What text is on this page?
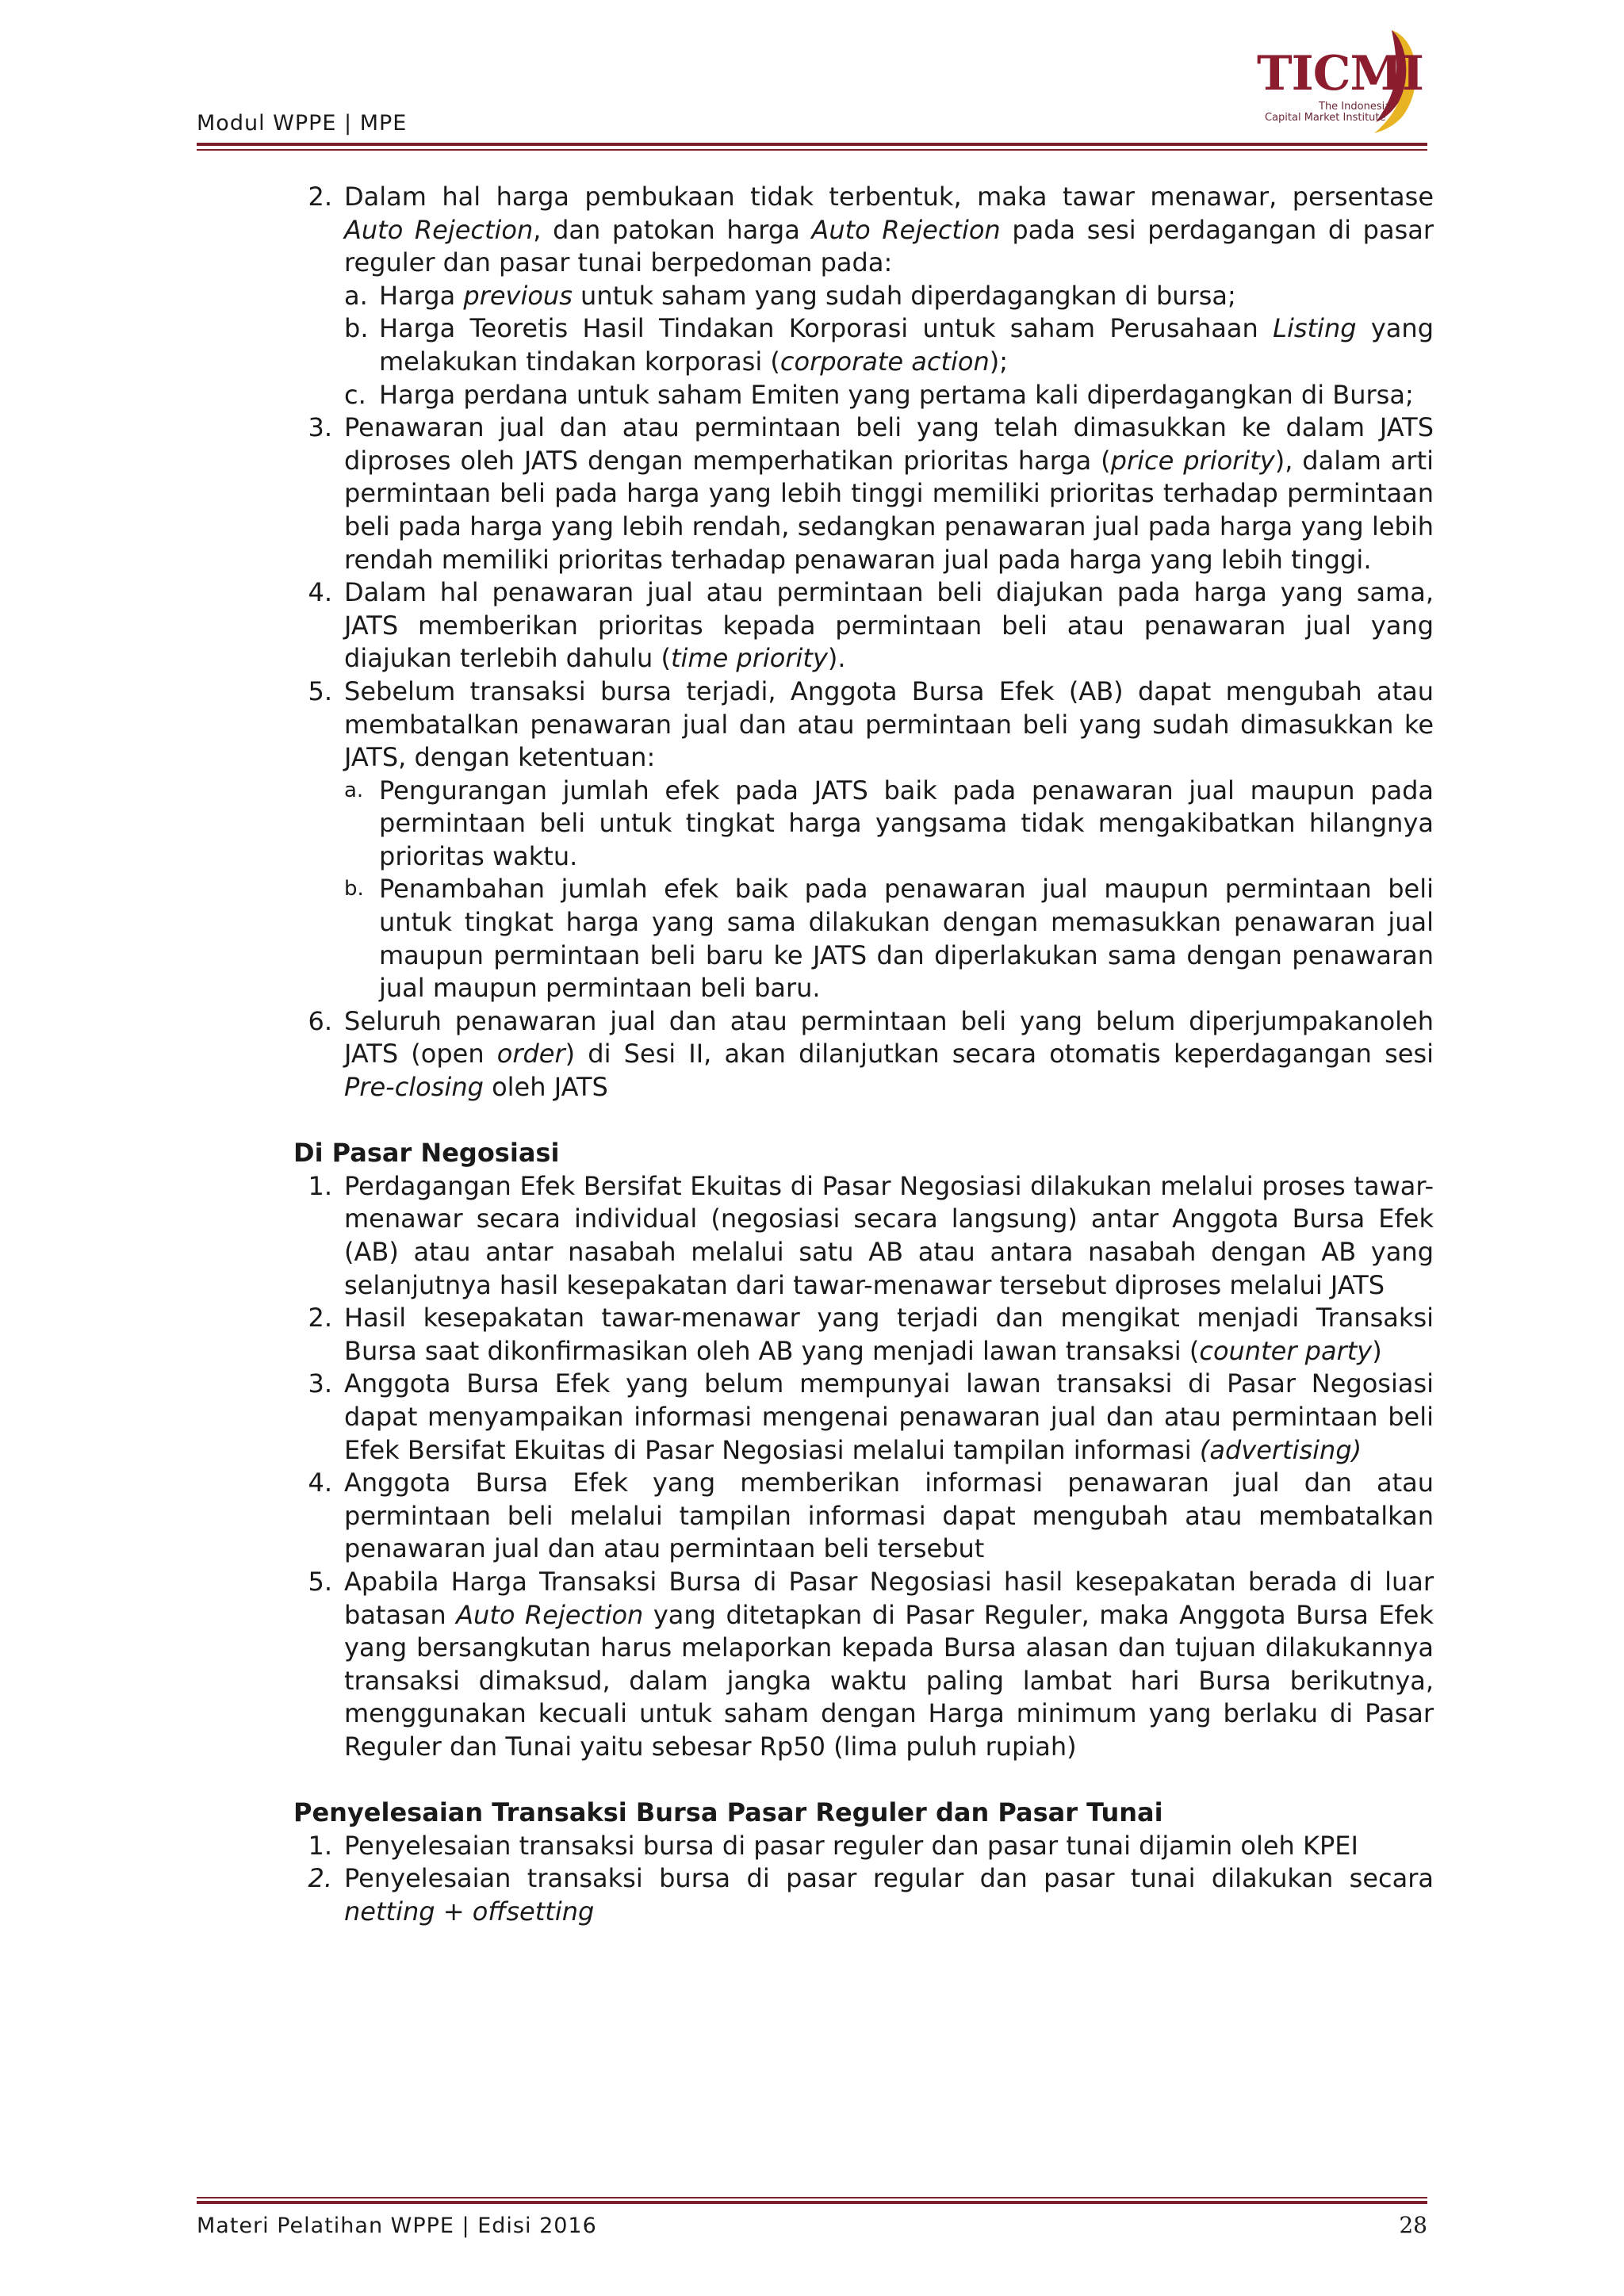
Modul WPPE | MPE
TICMI
The Indonesia
Capital Market Institute
2. Dalam hal harga pembukaan tidak terbentuk, maka tawar menawar, persentase Auto Rejection, dan patokan harga Auto Rejection pada sesi perdagangan di pasar reguler dan pasar tunai berpedoman pada:
a. Harga previous untuk saham yang sudah diperdagangkan di bursa;
b. Harga Teoretis Hasil Tindakan Korporasi untuk saham Perusahaan Listing yang melakukan tindakan korporasi (corporate action);
c. Harga perdana untuk saham Emiten yang pertama kali diperdagangkan di Bursa;
3. Penawaran jual dan atau permintaan beli yang telah dimasukkan ke dalam JATS diproses oleh JATS dengan memperhatikan prioritas harga (price priority), dalam arti permintaan beli pada harga yang lebih tinggi memiliki prioritas terhadap permintaan beli pada harga yang lebih rendah, sedangkan penawaran jual pada harga yang lebih rendah memiliki prioritas terhadap penawaran jual pada harga yang lebih tinggi.
4. Dalam hal penawaran jual atau permintaan beli diajukan pada harga yang sama, JATS memberikan prioritas kepada permintaan beli atau penawaran jual yang diajukan terlebih dahulu (time priority).
5. Sebelum transaksi bursa terjadi, Anggota Bursa Efek (AB) dapat mengubah atau membatalkan penawaran jual dan atau permintaan beli yang sudah dimasukkan ke JATS, dengan ketentuan:
a. Pengurangan jumlah efek pada JATS baik pada penawaran jual maupun pada permintaan beli untuk tingkat harga yangsama tidak mengakibatkan hilangnya prioritas waktu.
b. Penambahan jumlah efek baik pada penawaran jual maupun permintaan beli untuk tingkat harga yang sama dilakukan dengan memasukkan penawaran jual maupun permintaan beli baru ke JATS dan diperlakukan sama dengan penawaran jual maupun permintaan beli baru.
6. Seluruh penawaran jual dan atau permintaan beli yang belum diperjumpakanoleh JATS (open order) di Sesi II, akan dilanjutkan secara otomatis keperdagangan sesi Pre-closing oleh JATS
Di Pasar Negosiasi
1. Perdagangan Efek Bersifat Ekuitas di Pasar Negosiasi dilakukan melalui proses tawar-menawar secara individual (negosiasi secara langsung) antar Anggota Bursa Efek (AB) atau antar nasabah melalui satu AB atau antara nasabah dengan AB yang selanjutnya hasil kesepakatan dari tawar-menawar tersebut diproses melalui JATS
2. Hasil kesepakatan tawar-menawar yang terjadi dan mengikat menjadi Transaksi Bursa saat dikonfirmasikan oleh AB yang menjadi lawan transaksi (counter party)
3. Anggota Bursa Efek yang belum mempunyai lawan transaksi di Pasar Negosiasi dapat menyampaikan informasi mengenai penawaran jual dan atau permintaan beli Efek Bersifat Ekuitas di Pasar Negosiasi melalui tampilan informasi (advertising)
4. Anggota Bursa Efek yang memberikan informasi penawaran jual dan atau permintaan beli melalui tampilan informasi dapat mengubah atau membatalkan penawaran jual dan atau permintaan beli tersebut
5. Apabila Harga Transaksi Bursa di Pasar Negosiasi hasil kesepakatan berada di luar batasan Auto Rejection yang ditetapkan di Pasar Reguler, maka Anggota Bursa Efek yang bersangkutan harus melaporkan kepada Bursa alasan dan tujuan dilakukannya transaksi dimaksud, dalam jangka waktu paling lambat hari Bursa berikutnya, menggunakan kecuali untuk saham dengan Harga minimum yang berlaku di Pasar Reguler dan Tunai yaitu sebesar Rp50 (lima puluh rupiah)
Penyelesaian Transaksi Bursa Pasar Reguler dan Pasar Tunai
1. Penyelesaian transaksi bursa di pasar reguler dan pasar tunai dijamin oleh KPEI
2. Penyelesaian transaksi bursa di pasar regular dan pasar tunai dilakukan secara netting + offsetting
Materi Pelatihan WPPE | Edisi 2016	28
